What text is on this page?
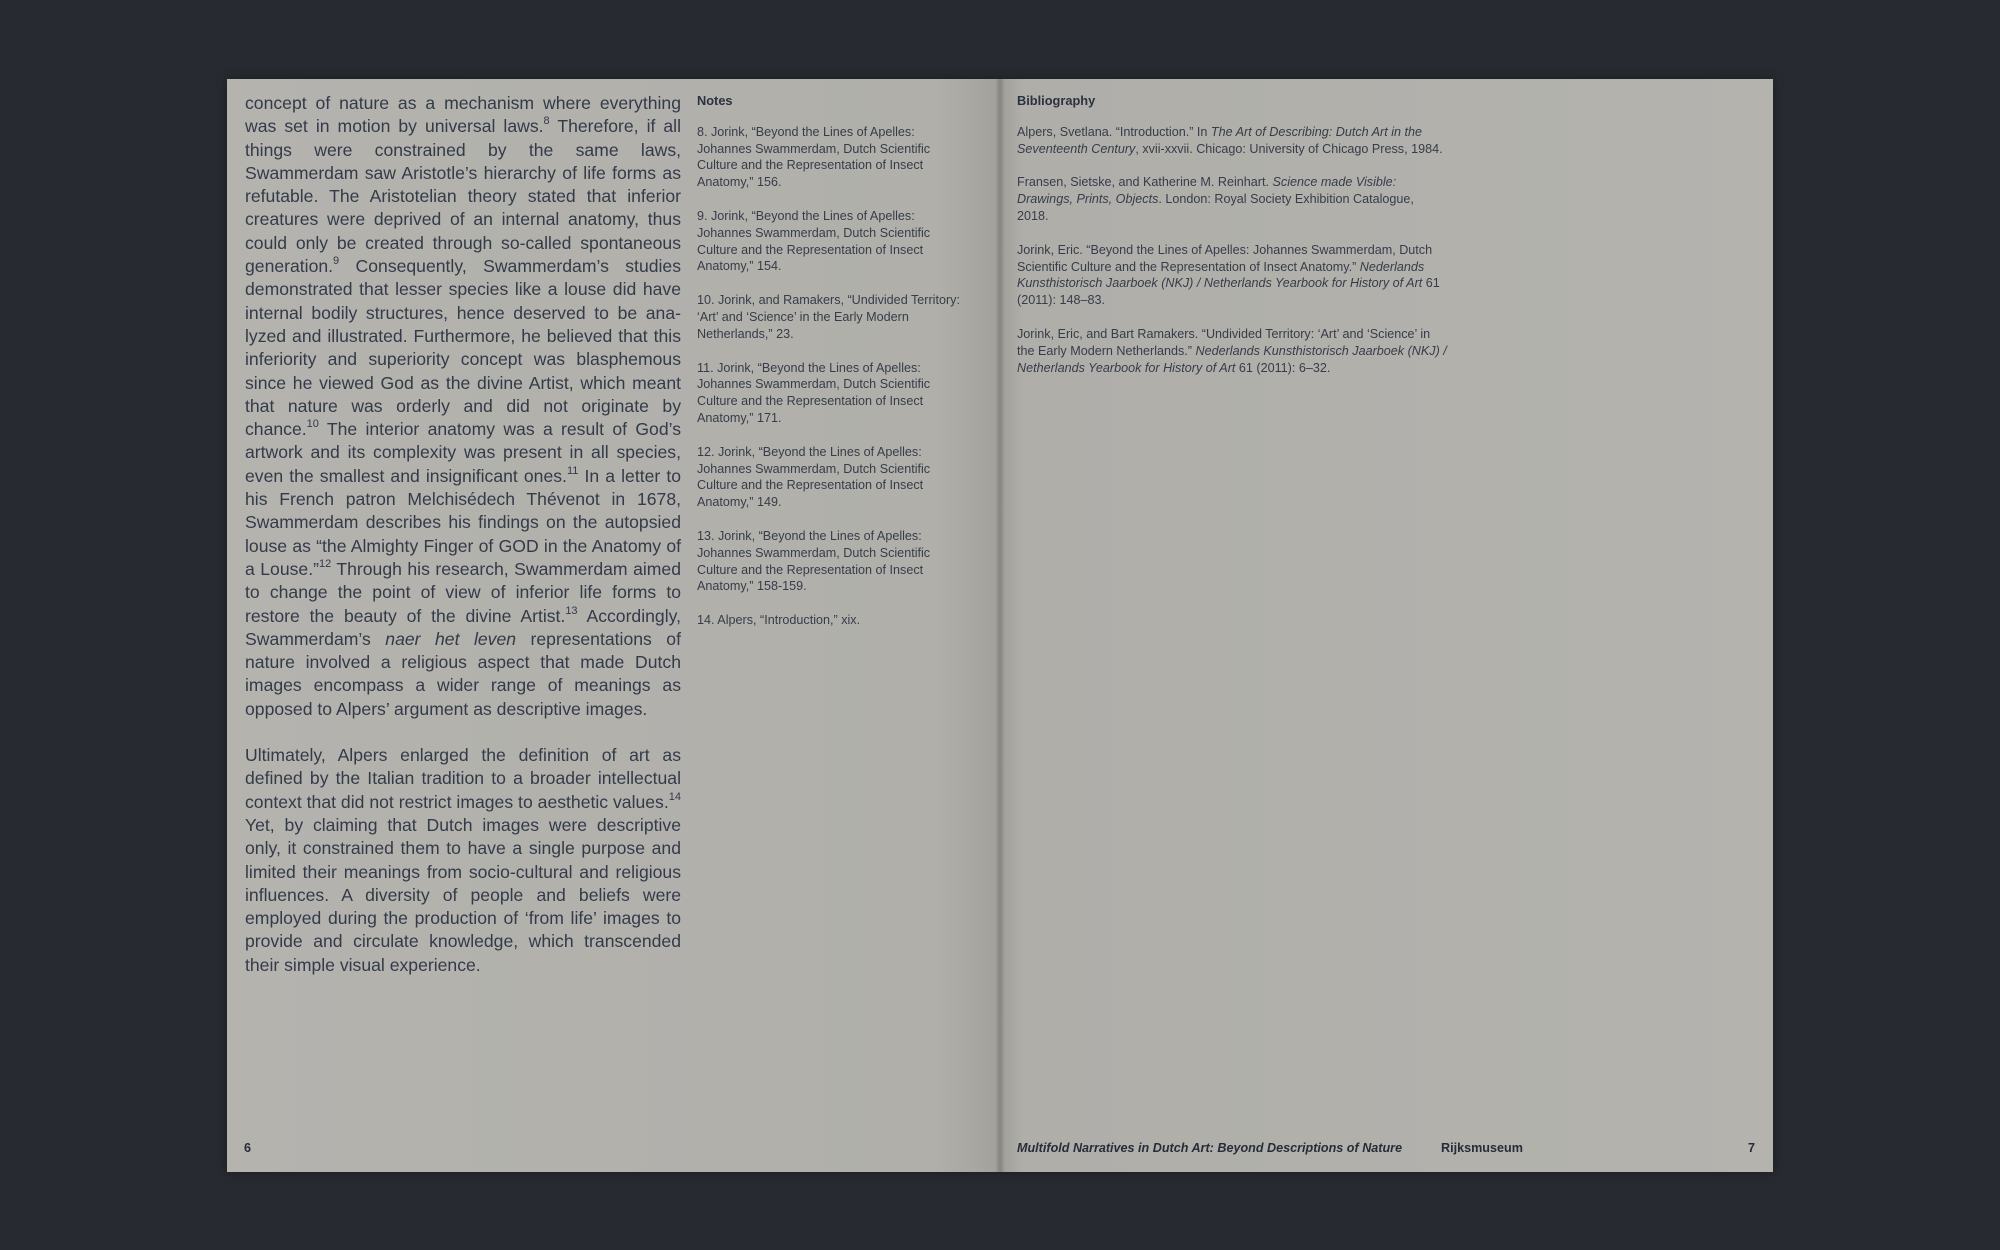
concept of nature as a mechanism where everything was set in motion by universal laws.$^8$ Therefore, if all things were constrained by the same laws, Swammerdam saw Aristotle’s hierarchy of life forms as refutable. The Aristotelian theory stated that inferior creatures were deprived of an internal anatomy, thus could only be created through so-called spontaneous generation.$^9$ Consequently, Swammerdam’s studies demonstrated that lesser species like a louse did have internal bodily structures, hence deserved to be analyzed and illustrated. Furthermore, he believed that this inferiority and superiority concept was blasphemous since he viewed God as the divine Artist, which meant that nature was orderly and did not originate by chance.$^{10}$ The interior anatomy was a result of God’s artwork and its complexity was present in all species, even the smallest and insignificant ones.$^{11}$ In a letter to his French patron Melchisédech Thévenot in 1678, Swammerdam describes his findings on the autopsied louse as “the Almighty Finger of GOD in the Anatomy of a Louse.”$^{12}$ Through his research, Swammerdam aimed to change the point of view of inferior life forms to restore the beauty of the divine Artist.$^{13}$ Accordingly, Swammerdam’s naer het leven representations of nature involved a religious aspect that made Dutch images encompass a wider range of meanings as opposed to Alpers’ argument as descriptive images.

Ultimately, Alpers enlarged the definition of art as defined by the Italian tradition to a broader intellectual context that did not restrict images to aesthetic values.$^{14}$ Yet, by claiming that Dutch images were descriptive only, it constrained them to have a single purpose and limited their meanings from socio-cultural and religious influences. A diversity of people and beliefs were employed during the production of ‘from life’ images to provide and circulate knowledge, which transcended their simple visual experience.

Notes

8. Jorink, “Beyond the Lines of Apelles: Johannes Swammerdam, Dutch Scientific Culture and the Representation of Insect Anatomy,” 156.

9. Jorink, “Beyond the Lines of Apelles: Johannes Swammerdam, Dutch Scientific Culture and the Representation of Insect Anatomy,” 154.

10. Jorink, and Ramakers, “Undivided Territory: ‘Art’ and ‘Science’ in the Early Modern Netherlands,” 23.

11. Jorink, “Beyond the Lines of Apelles: Johannes Swammerdam, Dutch Scientific Culture and the Representation of Insect Anatomy,” 171.

12. Jorink, “Beyond the Lines of Apelles: Johannes Swammerdam, Dutch Scientific Culture and the Representation of Insect Anatomy,” 149.

13. Jorink, “Beyond the Lines of Apelles: Johannes Swammerdam, Dutch Scientific Culture and the Representation of Insect Anatomy,” 158-159.

14. Alpers, “Introduction,” xix.

6
Bibliography

Alpers, Svetlana. “Introduction.” In The Art of Describing: Dutch Art in the Seventeenth Century, xvii-xxvii. Chicago: University of Chicago Press, 1984.

Fransen, Sietske, and Katherine M. Reinhart. Science made Visible: Drawings, Prints, Objects. London: Royal Society Exhibition Catalogue, 2018.

Jorink, Eric. “Beyond the Lines of Apelles: Johannes Swammerdam, Dutch Scientific Culture and the Representation of Insect Anatomy.” Nederlands Kunsthistorisch Jaarboek (NKJ) / Netherlands Yearbook for History of Art 61 (2011): 148–83.

Jorink, Eric, and Bart Ramakers. “Undivided Territory: ‘Art’ and ‘Science’ in the Early Modern Netherlands.” Nederlands Kunsthistorisch Jaarboek (NKJ) / Netherlands Yearbook for History of Art 61 (2011): 6–32.

Multifold Narratives in Dutch Art: Beyond Descriptions of Nature	Rijksmuseum	7
